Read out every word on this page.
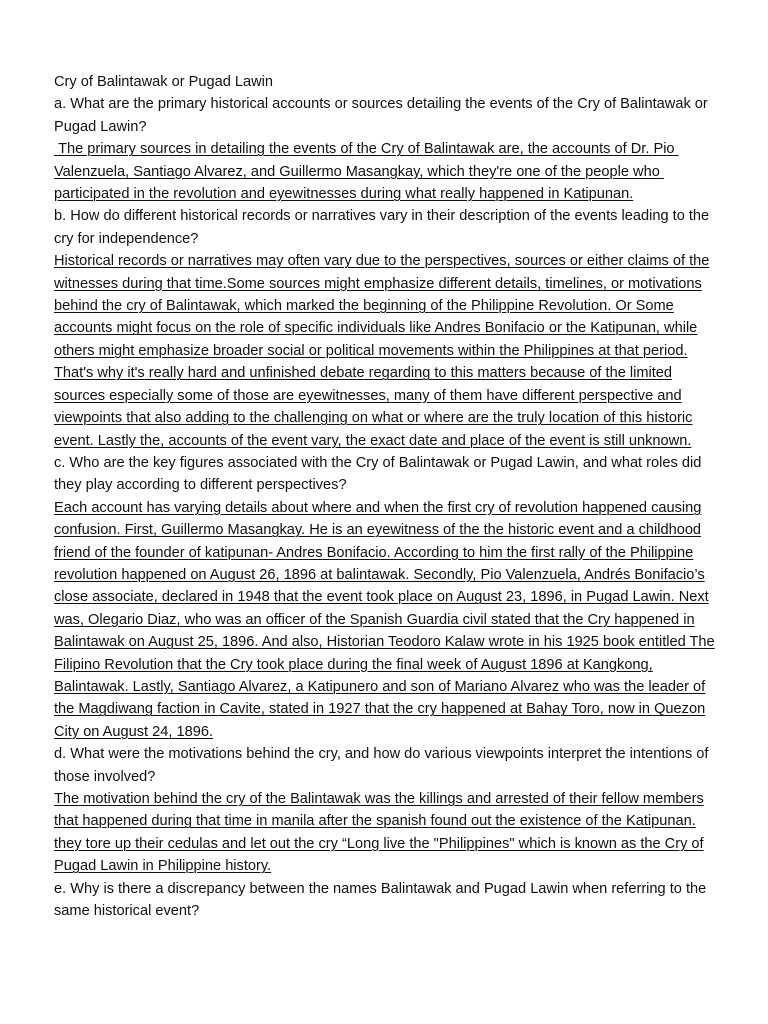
Cry of Balintawak or Pugad Lawin

a. What are the primary historical accounts or sources detailing the events of the Cry of Balintawak or Pugad Lawin?

The primary sources in detailing the events of the Cry of Balintawak are, the accounts of Dr. Pio Valenzuela, Santiago Alvarez, and Guillermo Masangkay, which they're one of the people who participated in the revolution and eyewitnesses during what really happened in Katipunan.

b. How do different historical records or narratives vary in their description of the events leading to the cry for independence?

Historical records or narratives may often vary due to the perspectives, sources or either claims of the witnesses during that time.Some sources might emphasize different details, timelines, or motivations behind the cry of Balintawak, which marked the beginning of the Philippine Revolution. Or Some accounts might focus on the role of specific individuals like Andres Bonifacio or the Katipunan, while others might emphasize broader social or political movements within the Philippines at that period. That's why it's really hard and unfinished debate regarding to this matters because of the limited sources especially some of those are eyewitnesses, many of them have different perspective and viewpoints that also adding to the challenging on what or where are the truly location of this historic event. Lastly the, accounts of the event vary, the exact date and place of the event is still unknown.

c. Who are the key figures associated with the Cry of Balintawak or Pugad Lawin, and what roles did they play according to different perspectives?

Each account has varying details about where and when the first cry of revolution happened causing confusion. First, Guillermo Masangkay. He is an eyewitness of the the historic event and a childhood friend of the founder of katipunan- Andres Bonifacio. According to him the first rally of the Philippine revolution happened on August 26, 1896 at balintawak. Secondly, Pio Valenzuela, Andrés Bonifacio’s close associate, declared in 1948 that the event took place on August 23, 1896, in Pugad Lawin. Next was, Olegario Diaz, who was an officer of the Spanish Guardia civil stated that the Cry happened in Balintawak on August 25, 1896. And also, Historian Teodoro Kalaw wrote in his 1925 book entitled The Filipino Revolution that the Cry took place during the final week of August 1896 at Kangkong, Balintawak. Lastly, Santiago Alvarez, a Katipunero and son of Mariano Alvarez who was the leader of the Magdiwang faction in Cavite, stated in 1927 that the cry happened at Bahay Toro, now in Quezon City on August 24, 1896.

d. What were the motivations behind the cry, and how do various viewpoints interpret the intentions of those involved?

The motivation behind the cry of the Balintawak was the killings and arrested of their fellow members that happened during that time in manila after the spanish found out the existence of the Katipunan. they tore up their cedulas and let out the cry “Long live the "Philippines" which is known as the Cry of Pugad Lawin in Philippine history.

e. Why is there a discrepancy between the names Balintawak and Pugad Lawin when referring to the same historical event?
